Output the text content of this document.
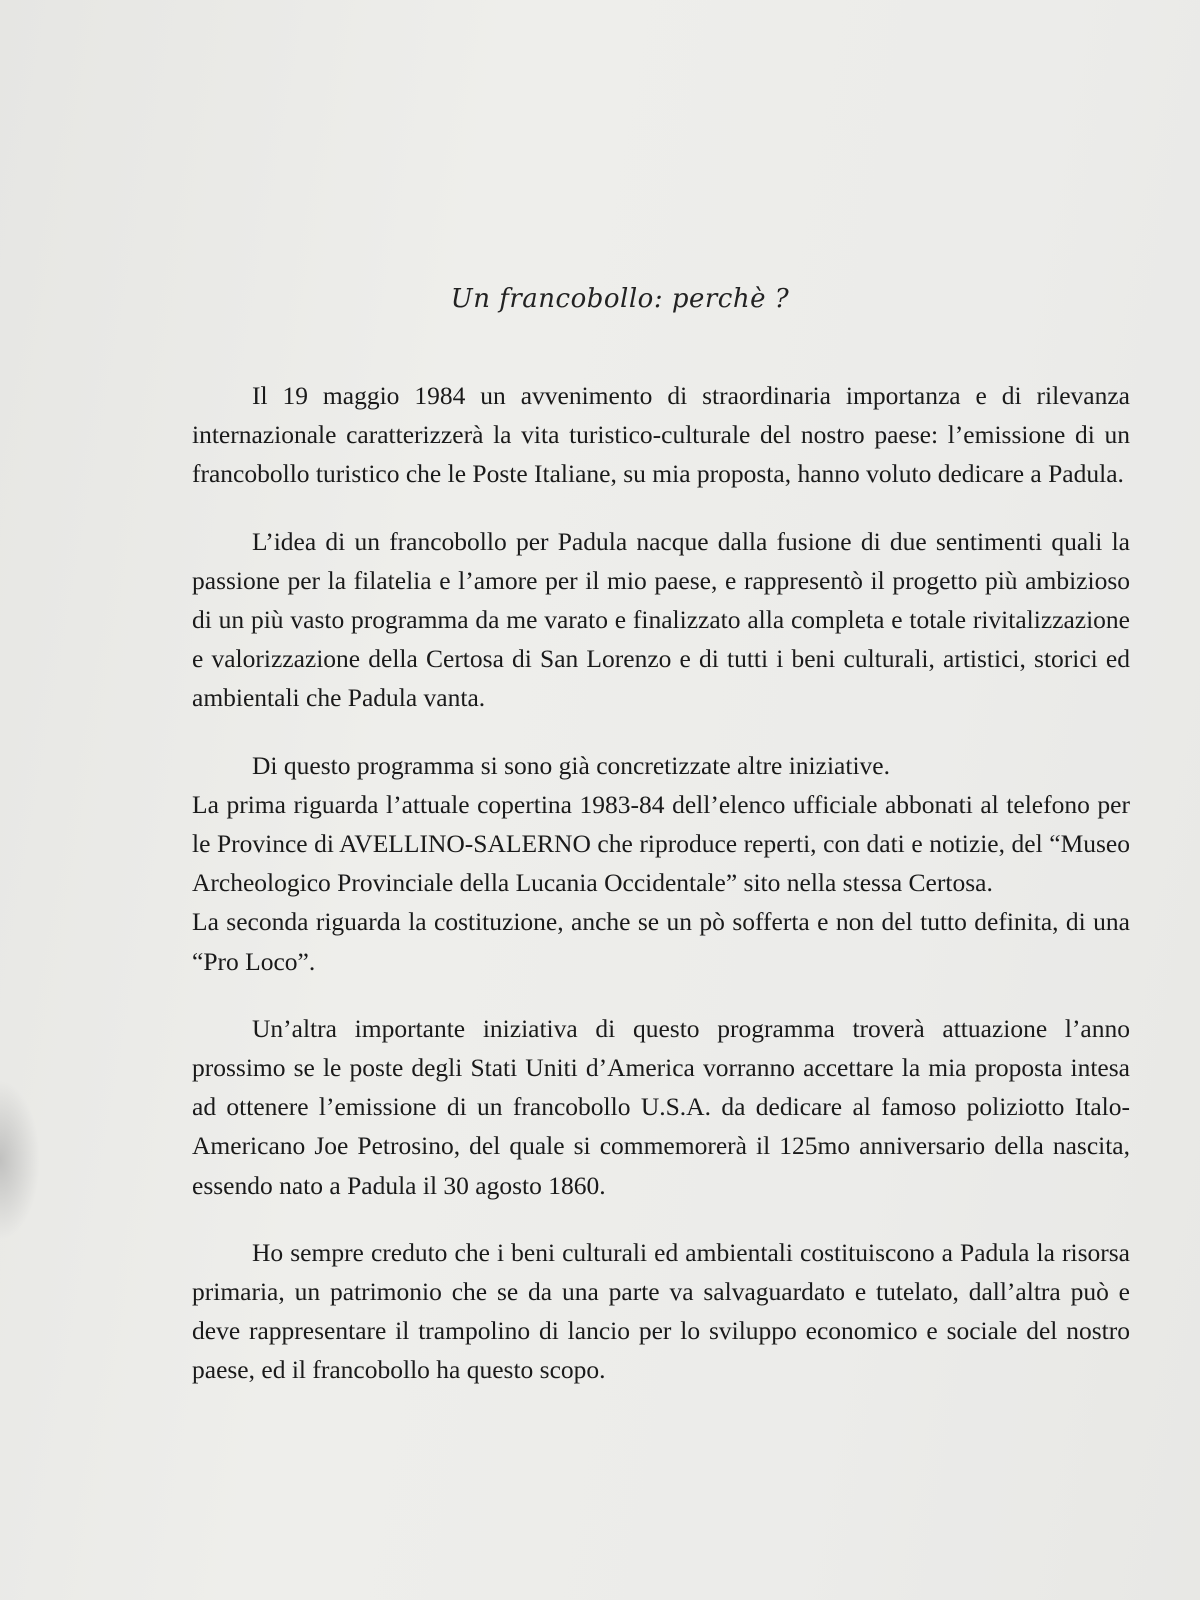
Un francobollo: perchè ?

Il 19 maggio 1984 un avvenimento di straordinaria importanza e di rilevanza internazionale caratterizzerà la vita turistico-culturale del nostro paese: l’emissione di un francobollo turistico che le Poste Italiane, su mia proposta, hanno voluto dedicare a Padula.

L’idea di un francobollo per Padula nacque dalla fusione di due sentimenti quali la passione per la filatelia e l’amore per il mio paese, e rappresentò il progetto più ambizioso di un più vasto programma da me varato e finalizzato alla completa e totale rivitalizzazione e valorizzazione della Certosa di San Lorenzo e di tutti i beni culturali, artistici, storici ed ambientali che Padula vanta.

Di questo programma si sono già concretizzate altre iniziative.

La prima riguarda l’attuale copertina 1983-84 dell’elenco ufficiale abbonati al telefono per le Province di AVELLINO-SALERNO che riproduce reperti, con dati e notizie, del “Museo Archeologico Provinciale della Lucania Occidentale” sito nella stessa Certosa.

La seconda riguarda la costituzione, anche se un pò sofferta e non del tutto definita, di una “Pro Loco”.

Un’altra importante iniziativa di questo programma troverà attuazione l’anno prossimo se le poste degli Stati Uniti d’America vorranno accettare la mia proposta intesa ad ottenere l’emissione di un francobollo U.S.A. da dedicare al famoso poliziotto Italo-Americano Joe Petrosino, del quale si commemorerà il 125mo anniversario della nascita, essendo nato a Padula il 30 agosto 1860.

Ho sempre creduto che i beni culturali ed ambientali costituiscono a Padula la risorsa primaria, un patrimonio che se da una parte va salvaguardato e tutelato, dall’altra può e deve rappresentare il trampolino di lancio per lo sviluppo economico e sociale del nostro paese, ed il francobollo ha questo scopo.
